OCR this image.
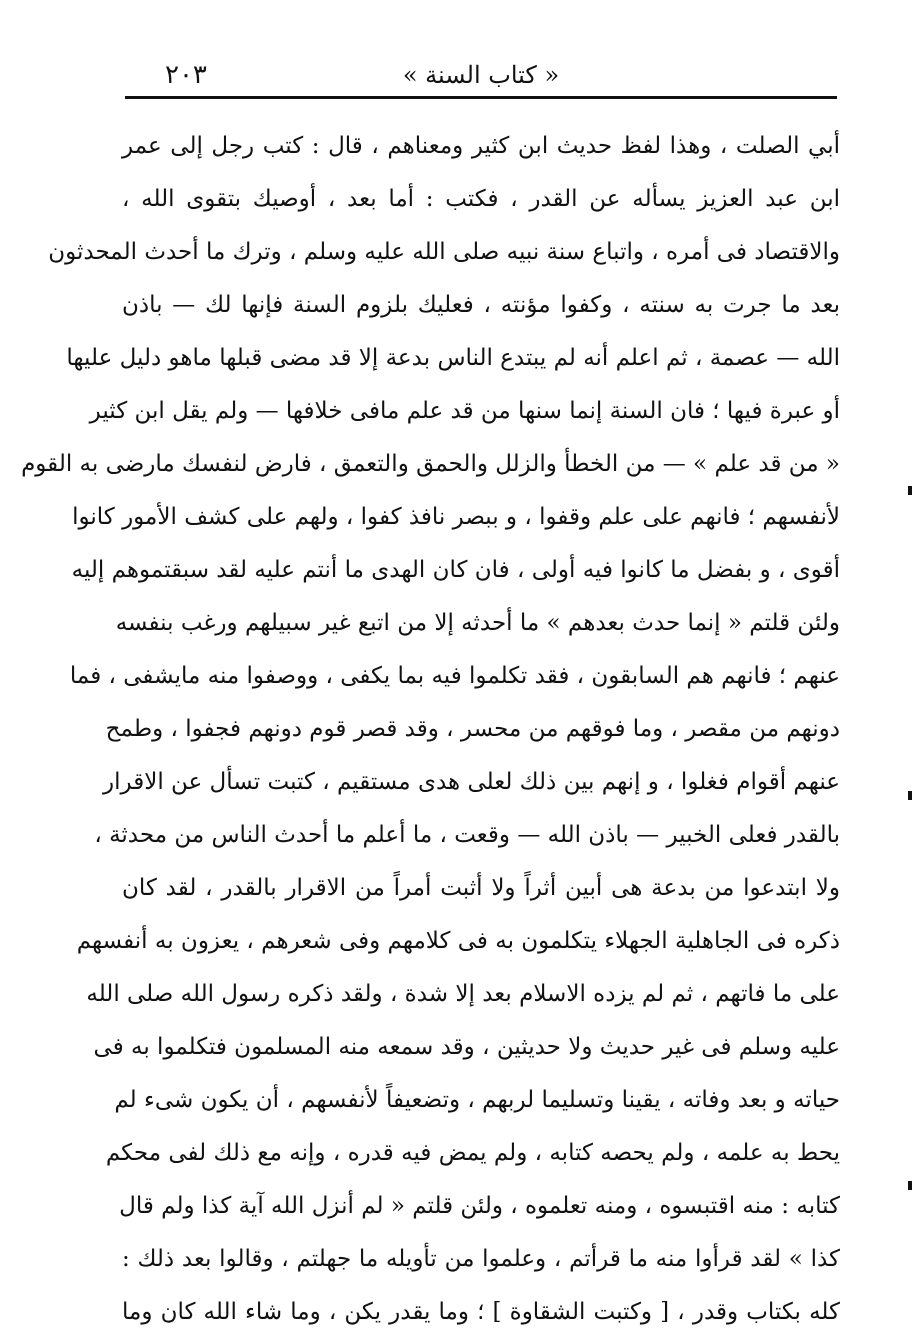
« كتاب السنة »
٢٠٣
أبي الصلت ، وهذا لفظ حديث ابن كثير ومعناهم ، قال : كتب رجل إلى عمر
ابن عبد العزيز يسأله عن القدر ، فكتب : أما بعد ، أوصيك بتقوى الله ،
والاقتصاد فى أمره ، واتباع سنة نبيه صلى الله عليه وسلم ، وترك ما أحدث المحدثون
بعد ما جرت به سنته ، وكفوا مؤنته ، فعليك بلزوم السنة فإنها لك — باذن
الله — عصمة ، ثم اعلم أنه لم يبتدع الناس بدعة إلا قد مضى قبلها ماهو دليل عليها
أو عبرة فيها ؛ فان السنة إنما سنها من قد علم مافى خلافها — ولم يقل ابن كثير
« من قد علم » — من الخطأ والزلل والحمق والتعمق ، فارض لنفسك مارضى به القوم
لأنفسهم ؛ فانهم على علم وقفوا ، و ببصر نافذ كفوا ، ولهم على كشف الأمور كانوا
أقوى ، و بفضل ما كانوا فيه أولى ، فان كان الهدى ما أنتم عليه لقد سبقتموهم إليه
ولئن قلتم « إنما حدث بعدهم » ما أحدثه إلا من اتبع غير سبيلهم ورغب بنفسه
عنهم ؛ فانهم هم السابقون ، فقد تكلموا فيه بما يكفى ، ووصفوا منه مايشفى ، فما
دونهم من مقصر ، وما فوقهم من محسر ، وقد قصر قوم دونهم فجفوا ، وطمح
عنهم أقوام فغلوا ، و إنهم بين ذلك لعلى هدى مستقيم ، كتبت تسأل عن الاقرار
بالقدر فعلى الخبير — باذن الله — وقعت ، ما أعلم ما أحدث الناس من محدثة ،
ولا ابتدعوا من بدعة هى أبين أثراً ولا أثبت أمراً من الاقرار بالقدر ، لقد كان
ذكره فى الجاهلية الجهلاء يتكلمون به فى كلامهم وفى شعرهم ، يعزون به أنفسهم
على ما فاتهم ، ثم لم يزده الاسلام بعد إلا شدة ، ولقد ذكره رسول الله صلى الله
عليه وسلم فى غير حديث ولا حديثين ، وقد سمعه منه المسلمون فتكلموا به فى
حياته و بعد وفاته ، يقينا وتسليما لربهم ، وتضعيفاً لأنفسهم ، أن يكون شىء لم
يحط به علمه ، ولم يحصه كتابه ، ولم يمض فيه قدره ، وإنه مع ذلك لفى محكم
كتابه : منه اقتبسوه ، ومنه تعلموه ، ولئن قلتم « لم أنزل الله آية كذا ولم قال
كذا » لقد قرأوا منه ما قرأتم ، وعلموا من تأويله ما جهلتم ، وقالوا بعد ذلك :
كله بكتاب وقدر ، [ وكتبت الشقاوة ] ؛ وما يقدر يكن ، وما شاء الله كان وما
